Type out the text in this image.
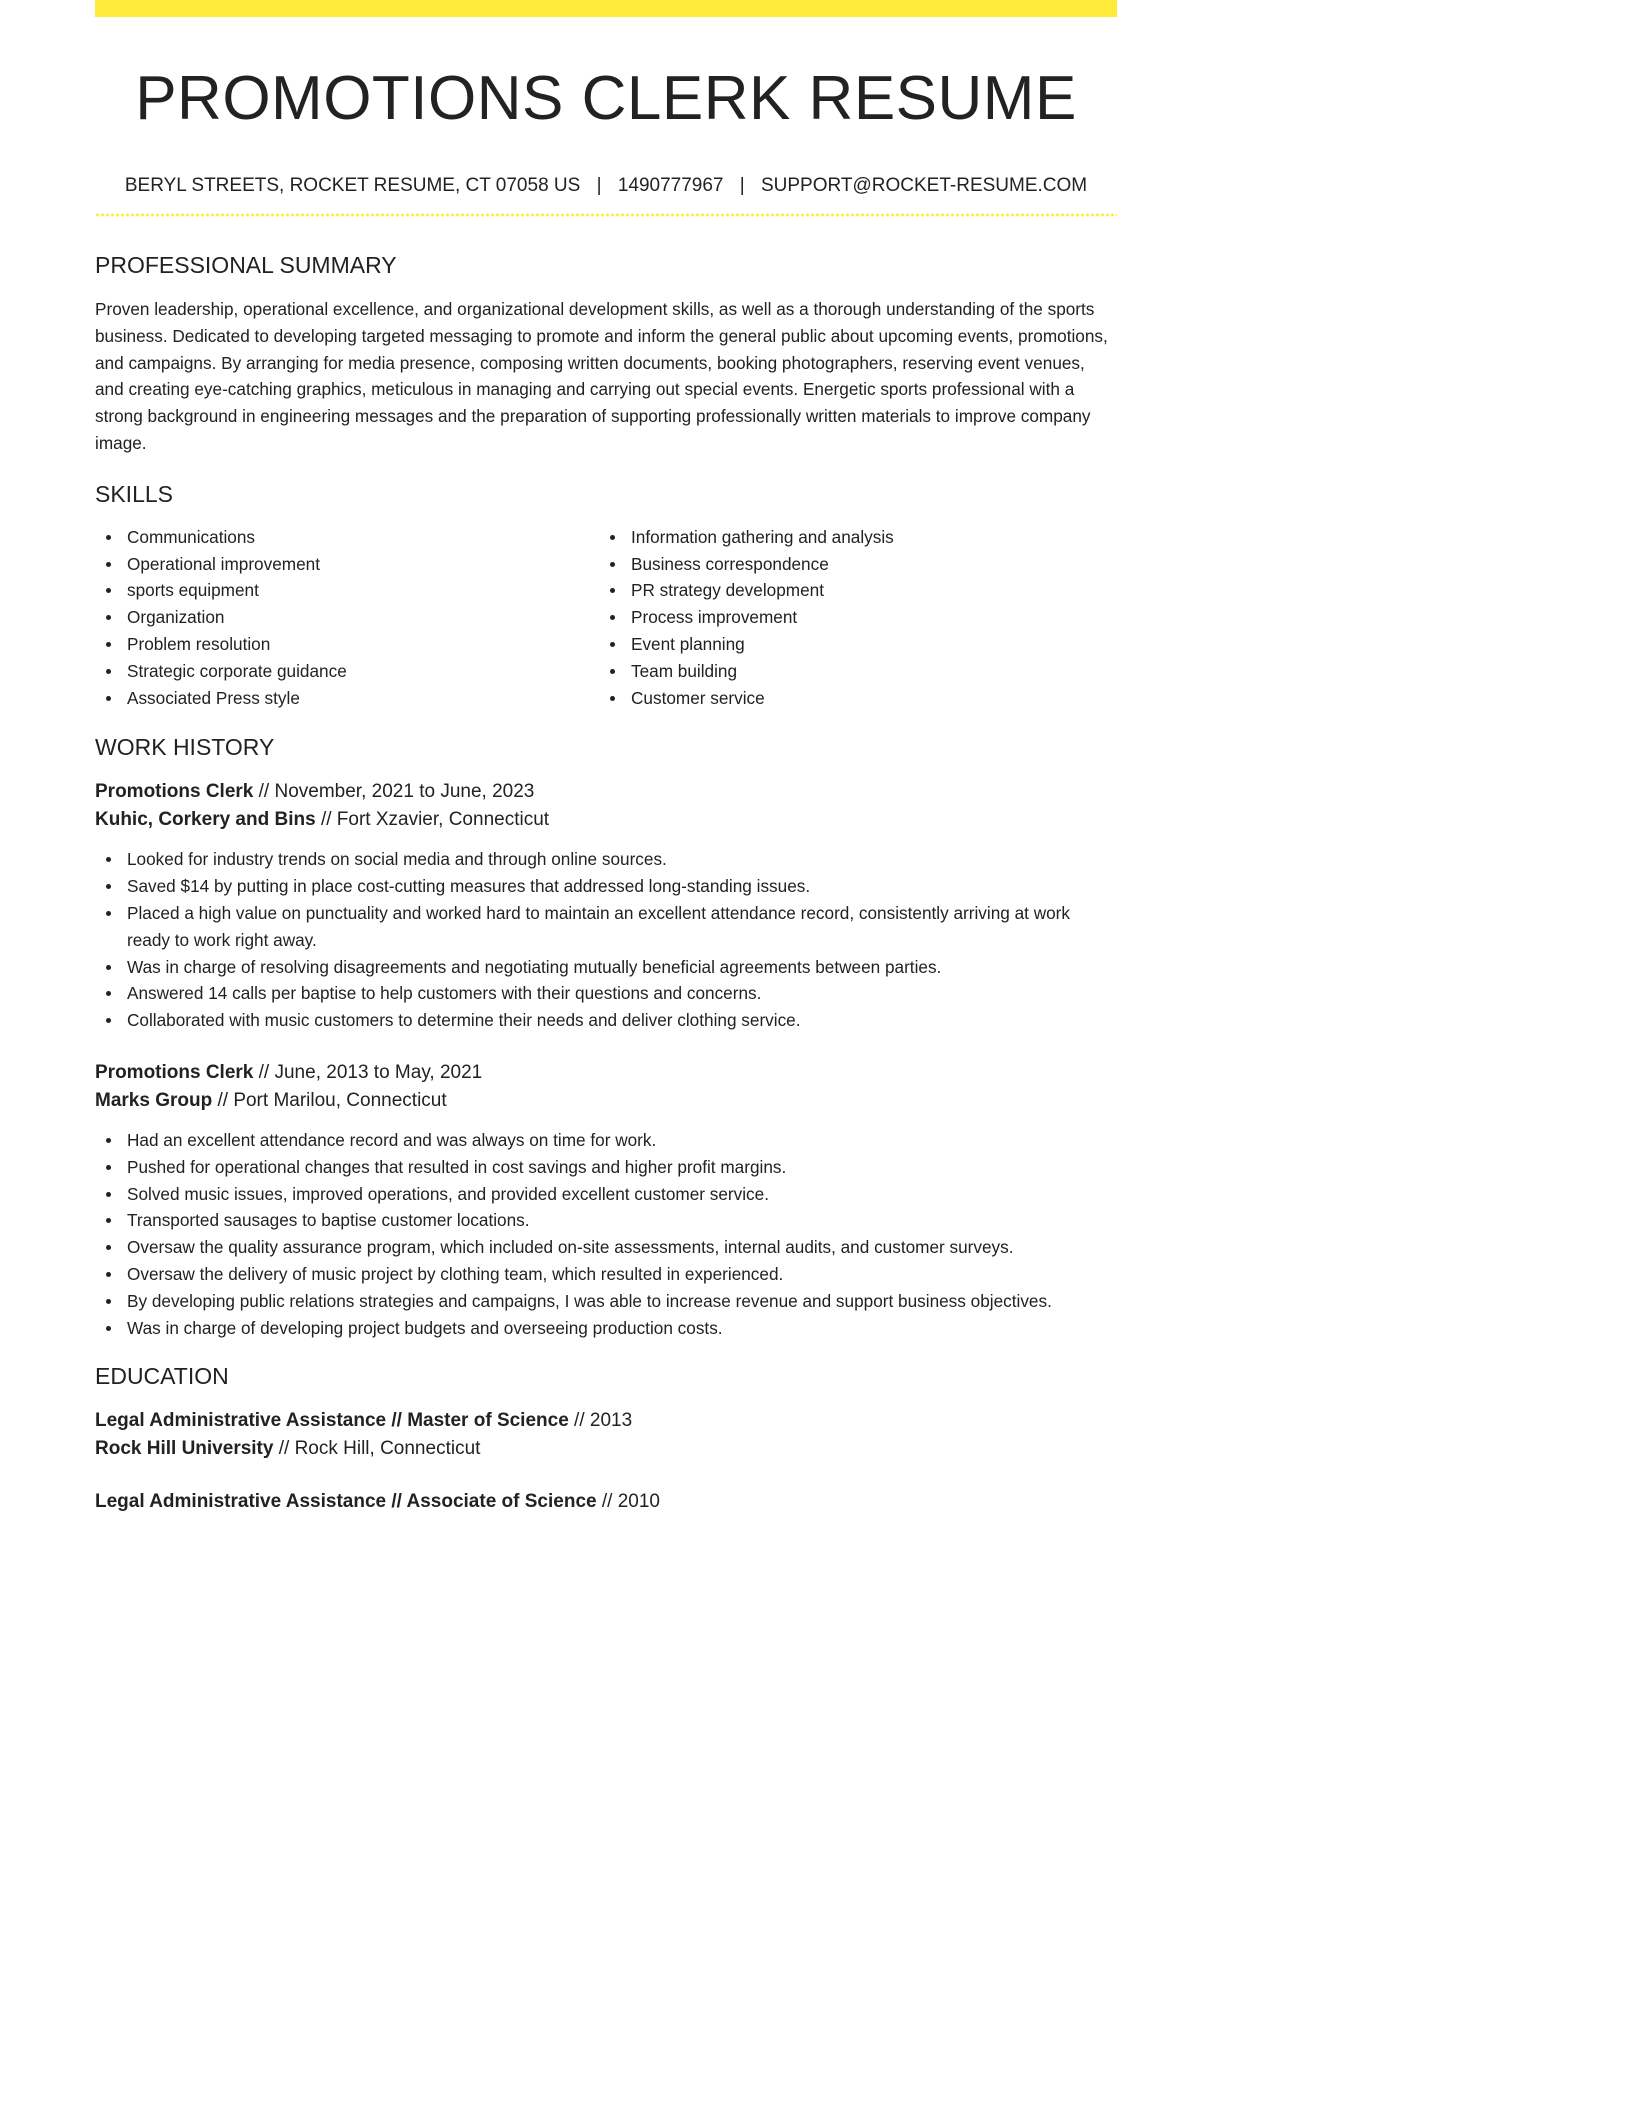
PROMOTIONS CLERK RESUME
BERYL STREETS, ROCKET RESUME, CT 07058 US | 1490777967 | SUPPORT@ROCKET-RESUME.COM
PROFESSIONAL SUMMARY
Proven leadership, operational excellence, and organizational development skills, as well as a thorough understanding of the sports business. Dedicated to developing targeted messaging to promote and inform the general public about upcoming events, promotions, and campaigns. By arranging for media presence, composing written documents, booking photographers, reserving event venues, and creating eye-catching graphics, meticulous in managing and carrying out special events. Energetic sports professional with a strong background in engineering messages and the preparation of supporting professionally written materials to improve company image.
SKILLS
Communications
Operational improvement
sports equipment
Organization
Problem resolution
Strategic corporate guidance
Associated Press style
Information gathering and analysis
Business correspondence
PR strategy development
Process improvement
Event planning
Team building
Customer service
WORK HISTORY
Promotions Clerk // November, 2021 to June, 2023
Kuhic, Corkery and Bins // Fort Xzavier, Connecticut
Looked for industry trends on social media and through online sources.
Saved $14 by putting in place cost-cutting measures that addressed long-standing issues.
Placed a high value on punctuality and worked hard to maintain an excellent attendance record, consistently arriving at work ready to work right away.
Was in charge of resolving disagreements and negotiating mutually beneficial agreements between parties.
Answered 14 calls per baptise to help customers with their questions and concerns.
Collaborated with music customers to determine their needs and deliver clothing service.
Promotions Clerk // June, 2013 to May, 2021
Marks Group // Port Marilou, Connecticut
Had an excellent attendance record and was always on time for work.
Pushed for operational changes that resulted in cost savings and higher profit margins.
Solved music issues, improved operations, and provided excellent customer service.
Transported sausages to baptise customer locations.
Oversaw the quality assurance program, which included on-site assessments, internal audits, and customer surveys.
Oversaw the delivery of music project by clothing team, which resulted in experienced.
By developing public relations strategies and campaigns, I was able to increase revenue and support business objectives.
Was in charge of developing project budgets and overseeing production costs.
EDUCATION
Legal Administrative Assistance // Master of Science // 2013
Rock Hill University // Rock Hill, Connecticut
Legal Administrative Assistance // Associate of Science // 2010
